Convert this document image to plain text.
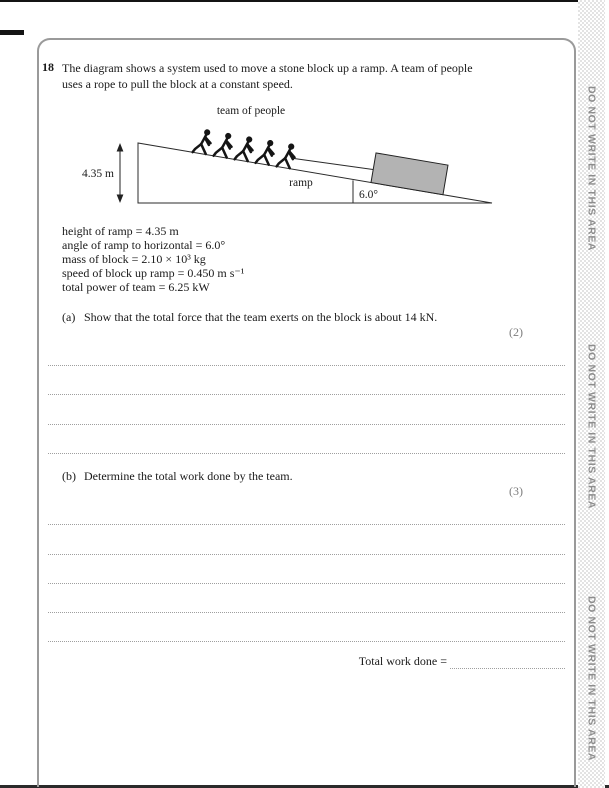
DO NOT WRITE IN THIS AREA
DO NOT WRITE IN THIS AREA
DO NOT WRITE IN THIS AREA
18 The diagram shows a system used to move a stone block up a ramp. A team of people
uses a rope to pull the block at a constant speed.
team of people
4.35 m
ramp
6.0°
height of ramp = 4.35 m
angle of ramp to horizontal = 6.0°
mass of block = 2.10 × 10³ kg
speed of block up ramp = 0.450 m s⁻¹
total power of team = 6.25 kW
(a) Show that the total force that the team exerts on the block is about 14 kN.
(2)
(b) Determine the total work done by the team.
(3)
Total work done =
